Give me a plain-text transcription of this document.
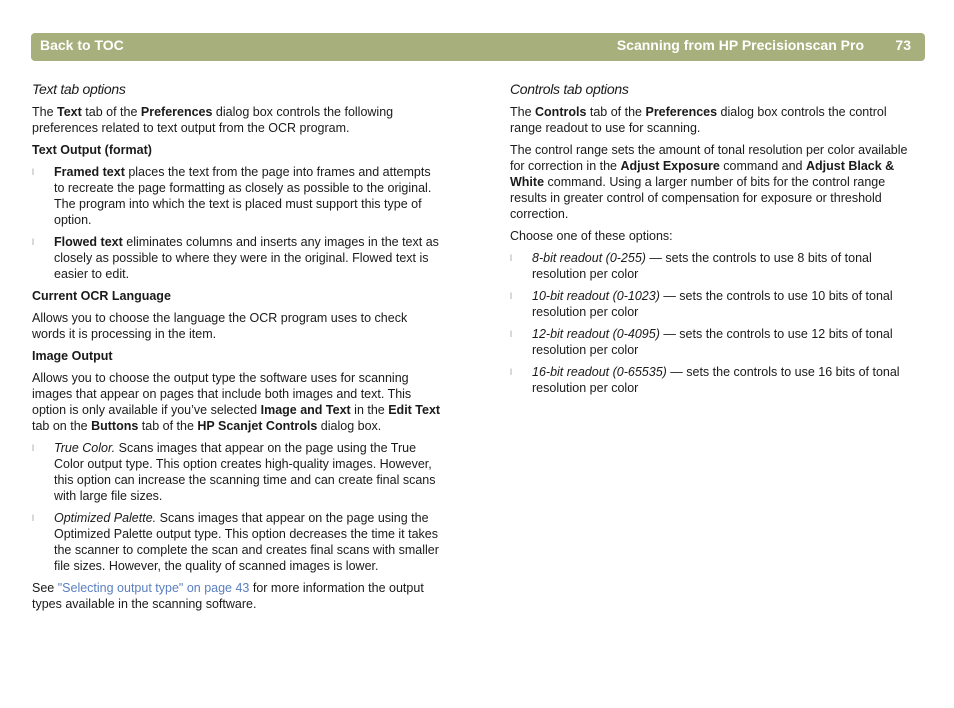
Back to TOC	Scanning from HP Precisionscan Pro 73
Text tab options

The Text tab of the Preferences dialog box controls the following preferences related to text output from the OCR program.

Text Output (format)
l Framed text places the text from the page into frames and attempts to recreate the page formatting as closely as possible to the original. The program into which the text is placed must support this type of option.
l Flowed text eliminates columns and inserts any images in the text as closely as possible to where they were in the original. Flowed text is easier to edit.
Current OCR Language

Allows you to choose the language the OCR program uses to check words it is processing in the item.

Image Output

Allows you to choose the output type the software uses for scanning images that appear on pages that include both images and text. This option is only available if you’ve selected Image and Text in the Edit Text tab on the Buttons tab of the HP Scanjet Controls dialog box.

l True Color. Scans images that appear on the page using the True Color output type. This option creates high-quality images. However, this option can increase the scanning time and can create final scans with large file sizes.
l Optimized Palette. Scans images that appear on the page using the Optimized Palette output type. This option decreases the time it takes the scanner to complete the scan and creates final scans with smaller file sizes. However, the quality of scanned images is lower.

See "Selecting output type" on page 43 for more information the output types available in the scanning software.

Controls tab options

The Controls tab of the Preferences dialog box controls the control range readout to use for scanning.

The control range sets the amount of tonal resolution per color available for correction in the Adjust Exposure command and Adjust Black & White command. Using a larger number of bits for the control range results in greater control of compensation for exposure or threshold correction.

Choose one of these options:

l 8-bit readout (0-255) — sets the controls to use 8 bits of tonal resolution per color
l 10-bit readout (0-1023) — sets the controls to use 10 bits of tonal resolution per color
l 12-bit readout (0-4095) — sets the controls to use 12 bits of tonal resolution per color
l 16-bit readout (0-65535) — sets the controls to use 16 bits of tonal resolution per color
